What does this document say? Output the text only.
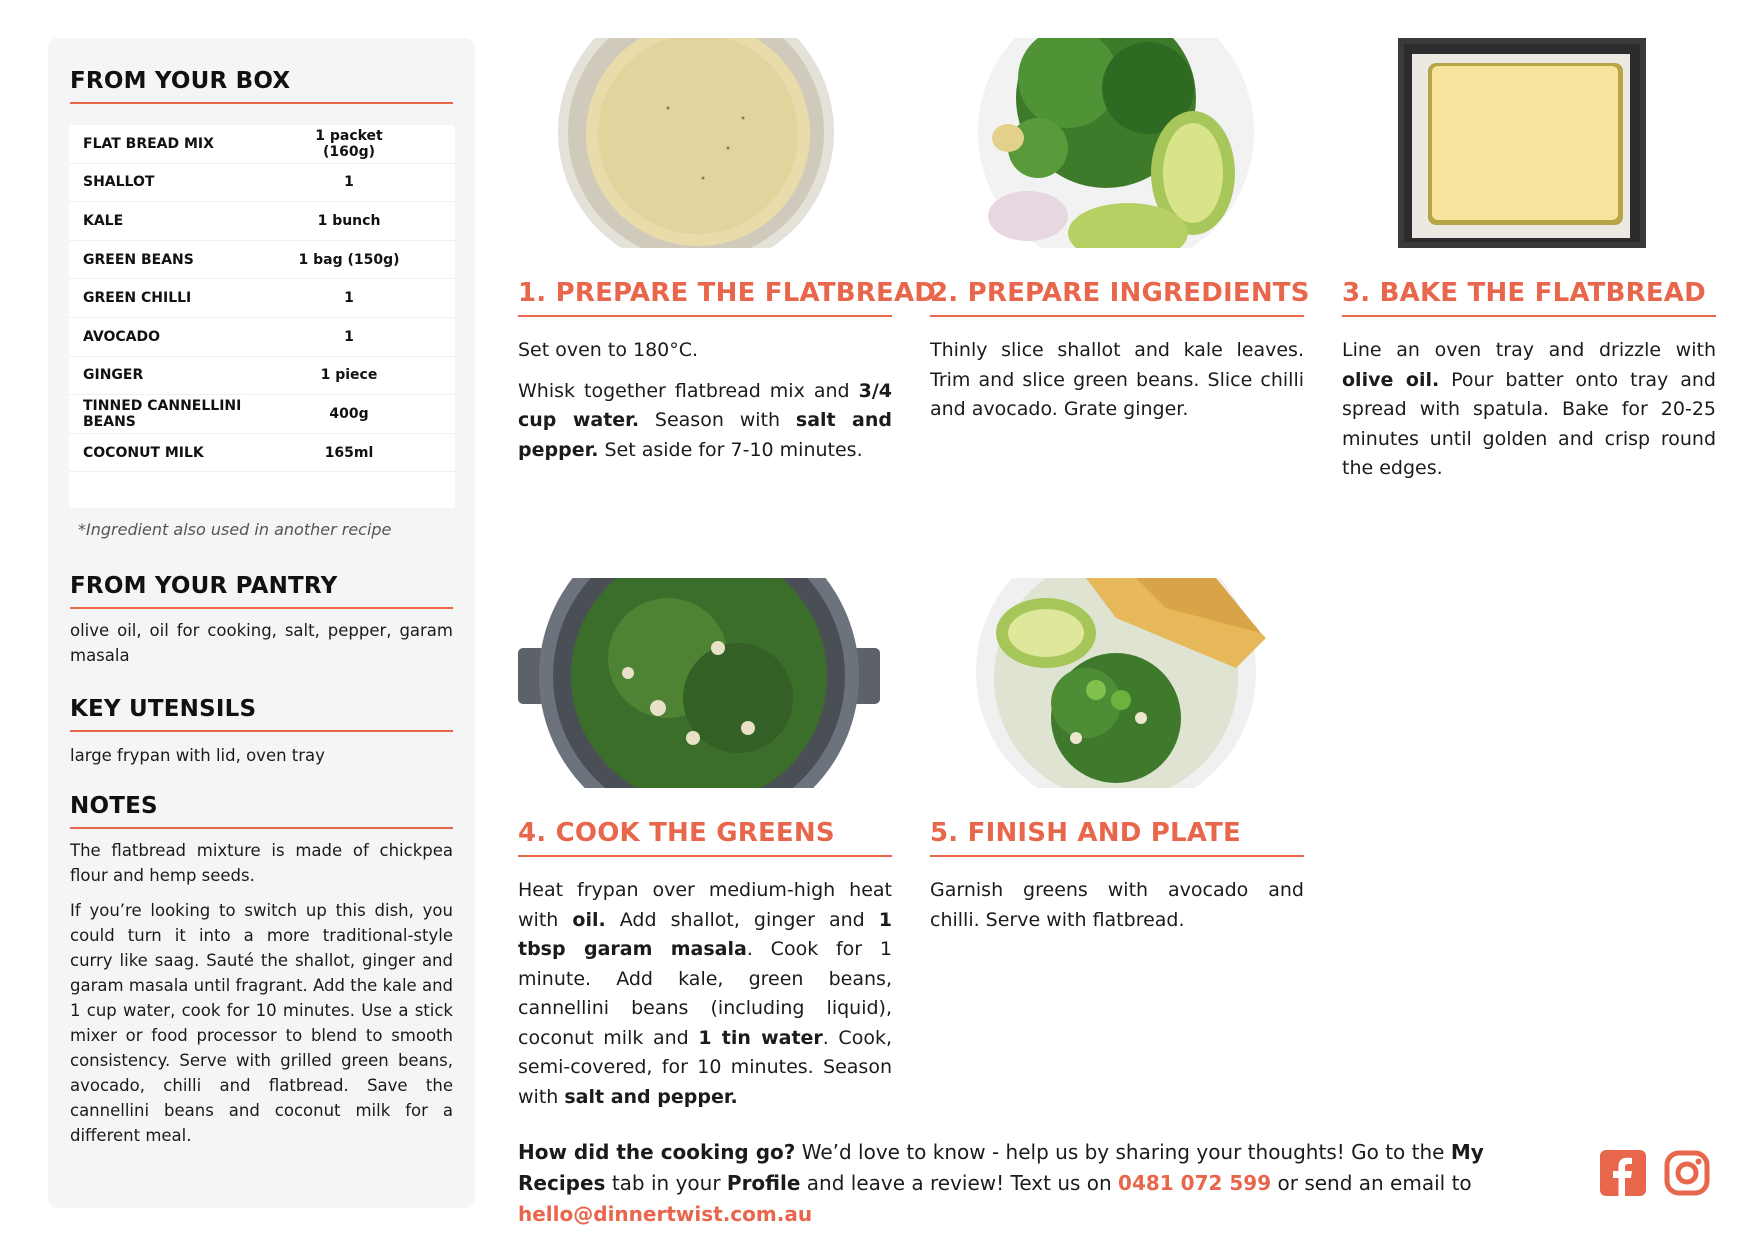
FROM YOUR BOX
FLAT BREAD MIX	1 packet (160g)
SHALLOT	1
KALE	1 bunch
GREEN BEANS	1 bag (150g)
GREEN CHILLI	1
AVOCADO	1
GINGER	1 piece
TINNED CANNELLINI BEANS	400g
COCONUT MILK	165ml
*Ingredient also used in another recipe
FROM YOUR PANTRY
olive oil, oil for cooking, salt, pepper, garam masala
KEY UTENSILS
large frypan with lid, oven tray
NOTES
The flatbread mixture is made of chickpea flour and hemp seeds.
If you’re looking to switch up this dish, you could turn it into a more traditional-style curry like saag. Sauté the shallot, ginger and garam masala until fragrant. Add the kale and 1 cup water, cook for 10 minutes. Use a stick mixer or food processor to blend to smooth consistency. Serve with grilled green beans, avocado, chilli and flatbread. Save the cannellini beans and coconut milk for a different meal.
1. PREPARE THE FLATBREAD

Set oven to 180°C.

Whisk together flatbread mix and 3/4 cup water. Season with salt and pepper. Set aside for 7-10 minutes.

2. PREPARE INGREDIENTS

Thinly slice shallot and kale leaves. Trim and slice green beans. Slice chilli and avocado. Grate ginger.

3. BAKE THE FLATBREAD

Line an oven tray and drizzle with olive oil. Pour batter onto tray and spread with spatula. Bake for 20-25 minutes until golden and crisp round the edges.

4. COOK THE GREENS

Heat frypan over medium-high heat with oil. Add shallot, ginger and 1 tbsp garam masala. Cook for 1 minute. Add kale, green beans, cannellini beans (including liquid), coconut milk and 1 tin water. Cook, semi-covered, for 10 minutes. Season with salt and pepper.

5. FINISH AND PLATE

Garnish greens with avocado and chilli. Serve with flatbread.

How did the cooking go? We’d love to know - help us by sharing your thoughts! Go to the My Recipes tab in your Profile and leave a review! Text us on 0481 072 599 or send an email to hello@dinnertwist.com.au
